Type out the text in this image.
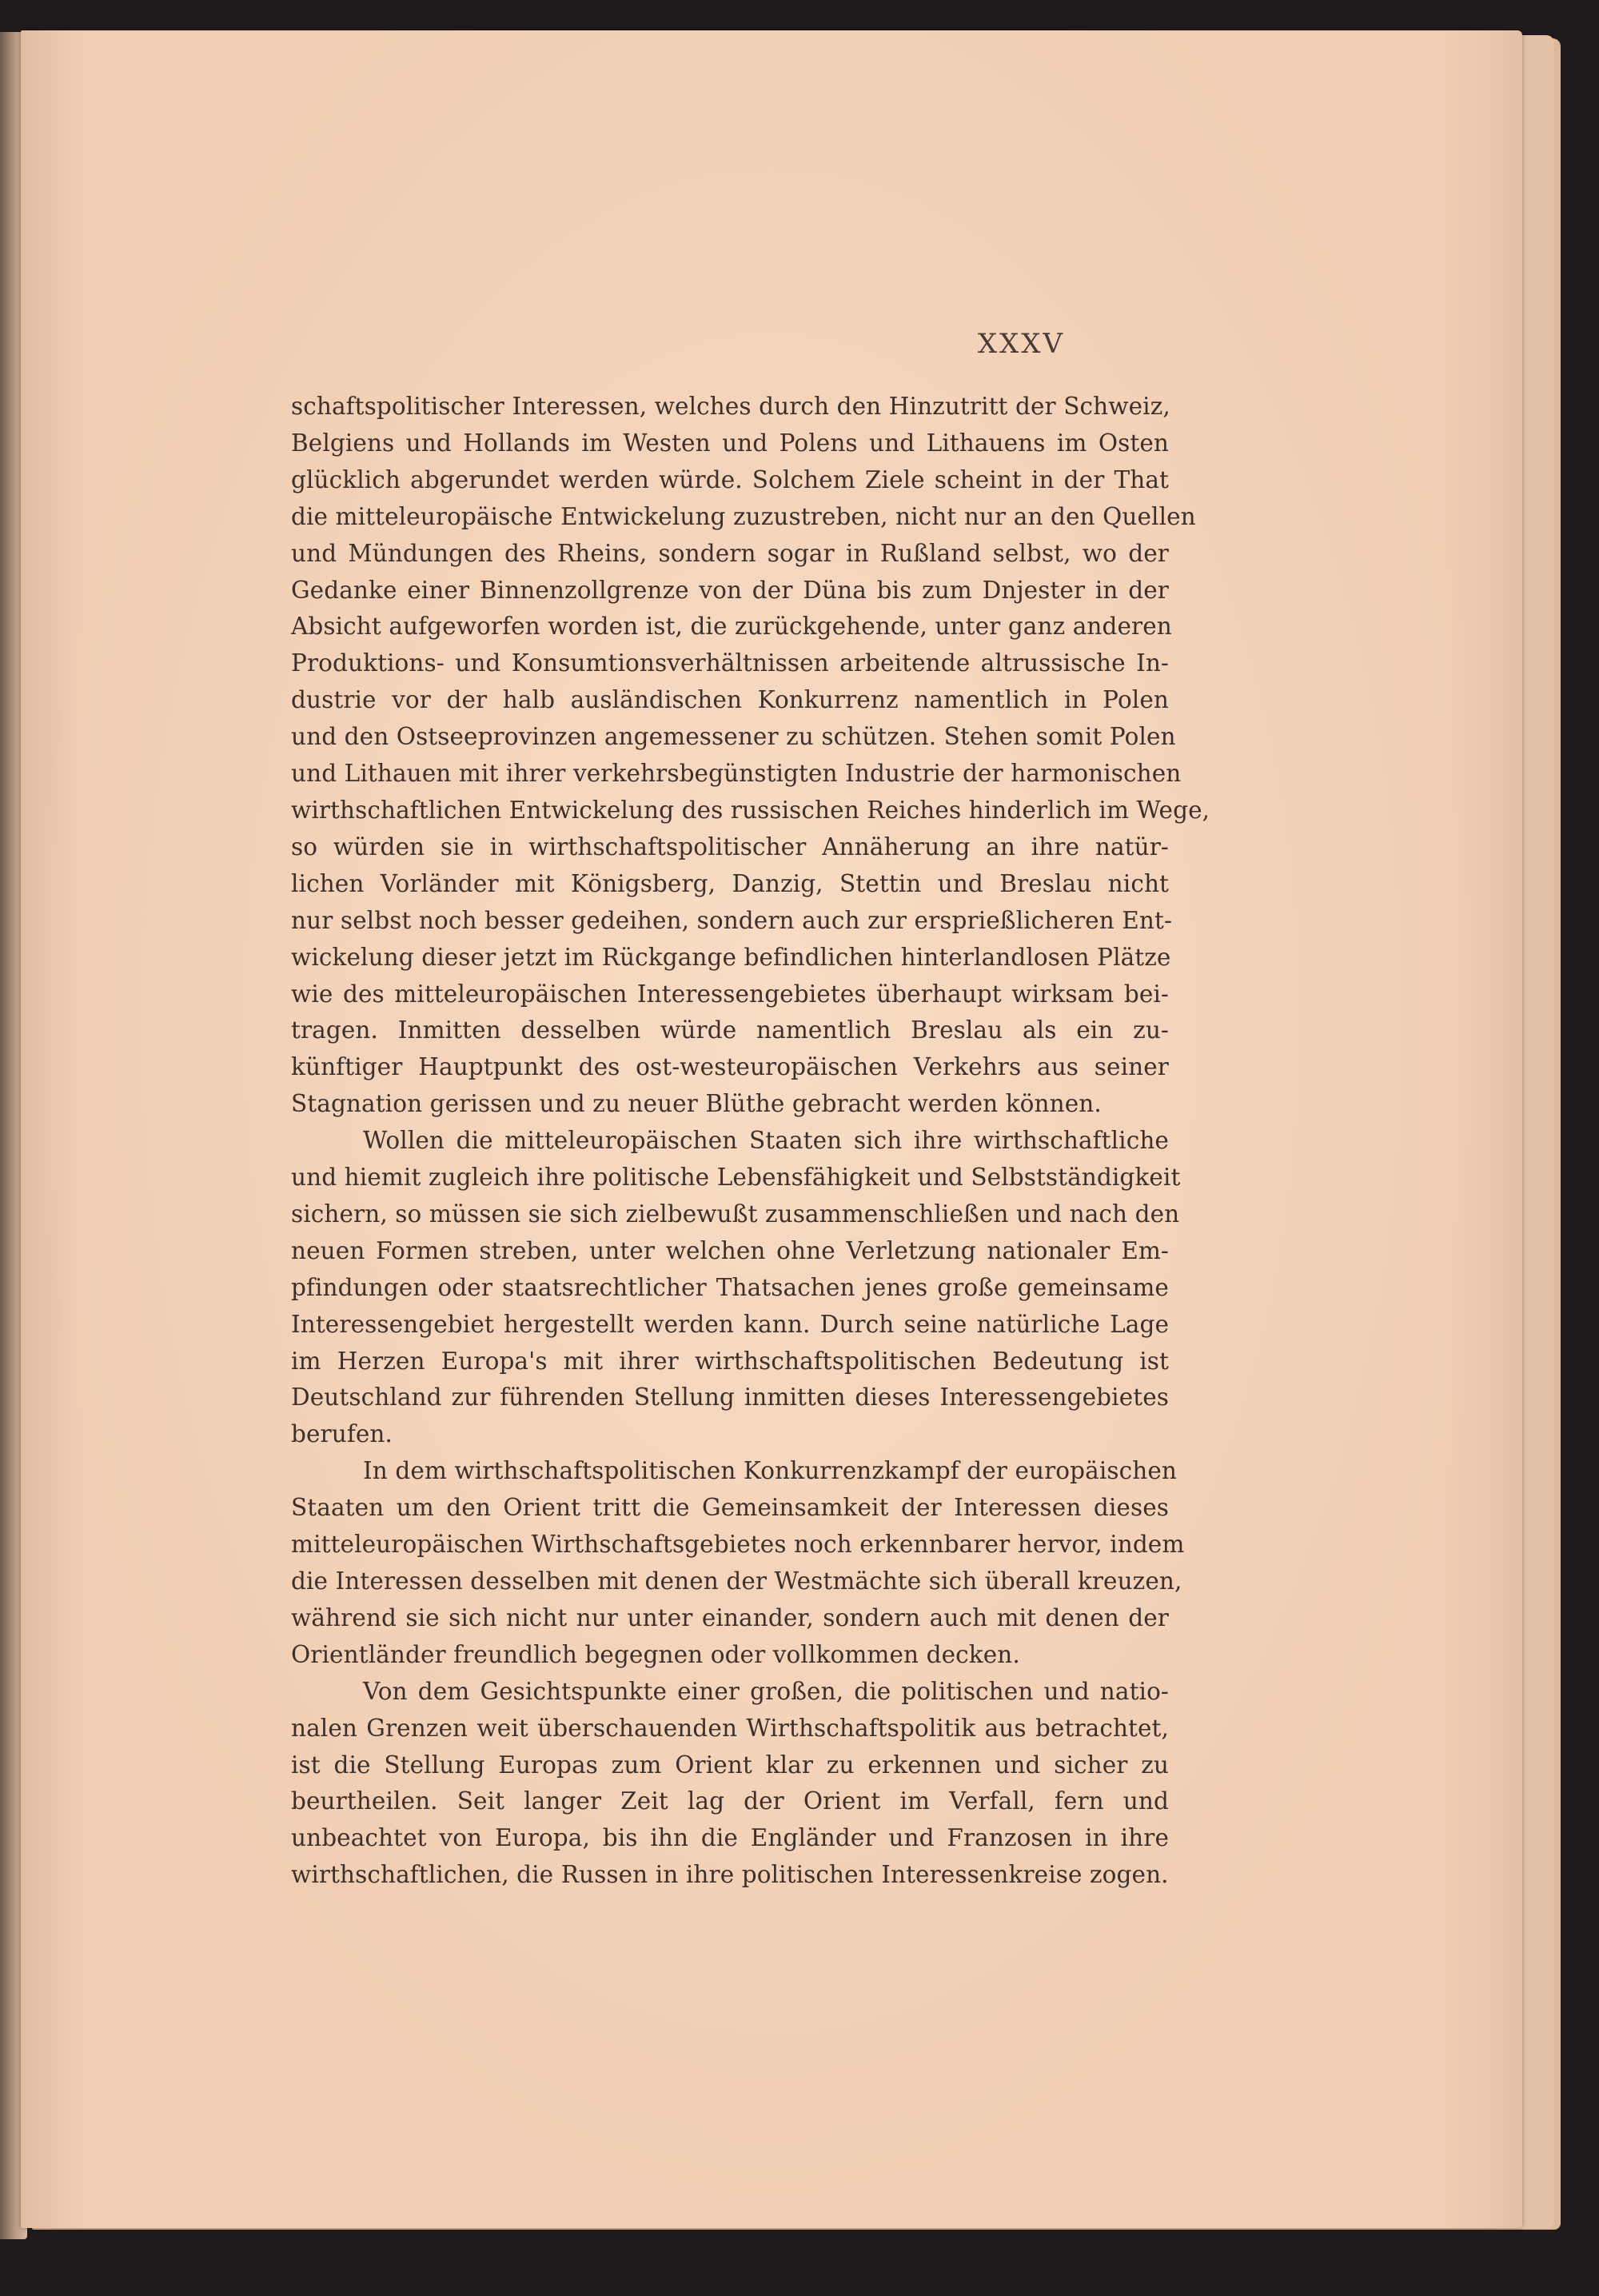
XXXV
schaftspolitischer Interessen, welches durch den Hinzutritt der Schweiz,
Belgiens und Hollands im Westen und Polens und Lithauens im Osten
glücklich abgerundet werden würde. Solchem Ziele scheint in der That
die mitteleuropäische Entwickelung zuzustreben, nicht nur an den Quellen
und Mündungen des Rheins, sondern sogar in Rußland selbst, wo der
Gedanke einer Binnenzollgrenze von der Düna bis zum Dnjester in der
Absicht aufgeworfen worden ist, die zurückgehende, unter ganz anderen
Produktions- und Konsumtionsverhältnissen arbeitende altrussische In-
dustrie vor der halb ausländischen Konkurrenz namentlich in Polen
und den Ostseeprovinzen angemessener zu schützen. Stehen somit Polen
und Lithauen mit ihrer verkehrsbegünstigten Industrie der harmonischen
wirthschaftlichen Entwickelung des russischen Reiches hinderlich im Wege,
so würden sie in wirthschaftspolitischer Annäherung an ihre natür-
lichen Vorländer mit Königsberg, Danzig, Stettin und Breslau nicht
nur selbst noch besser gedeihen, sondern auch zur ersprießlicheren Ent-
wickelung dieser jetzt im Rückgange befindlichen hinterlandlosen Plätze
wie des mitteleuropäischen Interessengebietes überhaupt wirksam bei-
tragen. Inmitten desselben würde namentlich Breslau als ein zu-
künftiger Hauptpunkt des ost-westeuropäischen Verkehrs aus seiner
Stagnation gerissen und zu neuer Blüthe gebracht werden können.
Wollen die mitteleuropäischen Staaten sich ihre wirthschaftliche
und hiemit zugleich ihre politische Lebensfähigkeit und Selbstständigkeit
sichern, so müssen sie sich zielbewußt zusammenschließen und nach den
neuen Formen streben, unter welchen ohne Verletzung nationaler Em-
pfindungen oder staatsrechtlicher Thatsachen jenes große gemeinsame
Interessengebiet hergestellt werden kann. Durch seine natürliche Lage
im Herzen Europa's mit ihrer wirthschaftspolitischen Bedeutung ist
Deutschland zur führenden Stellung inmitten dieses Interessengebietes
berufen.
In dem wirthschaftspolitischen Konkurrenzkampf der europäischen
Staaten um den Orient tritt die Gemeinsamkeit der Interessen dieses
mitteleuropäischen Wirthschaftsgebietes noch erkennbarer hervor, indem
die Interessen desselben mit denen der Westmächte sich überall kreuzen,
während sie sich nicht nur unter einander, sondern auch mit denen der
Orientländer freundlich begegnen oder vollkommen decken.
Von dem Gesichtspunkte einer großen, die politischen und natio-
nalen Grenzen weit überschauenden Wirthschaftspolitik aus betrachtet,
ist die Stellung Europas zum Orient klar zu erkennen und sicher zu
beurtheilen. Seit langer Zeit lag der Orient im Verfall, fern und
unbeachtet von Europa, bis ihn die Engländer und Franzosen in ihre
wirthschaftlichen, die Russen in ihre politischen Interessenkreise zogen.
